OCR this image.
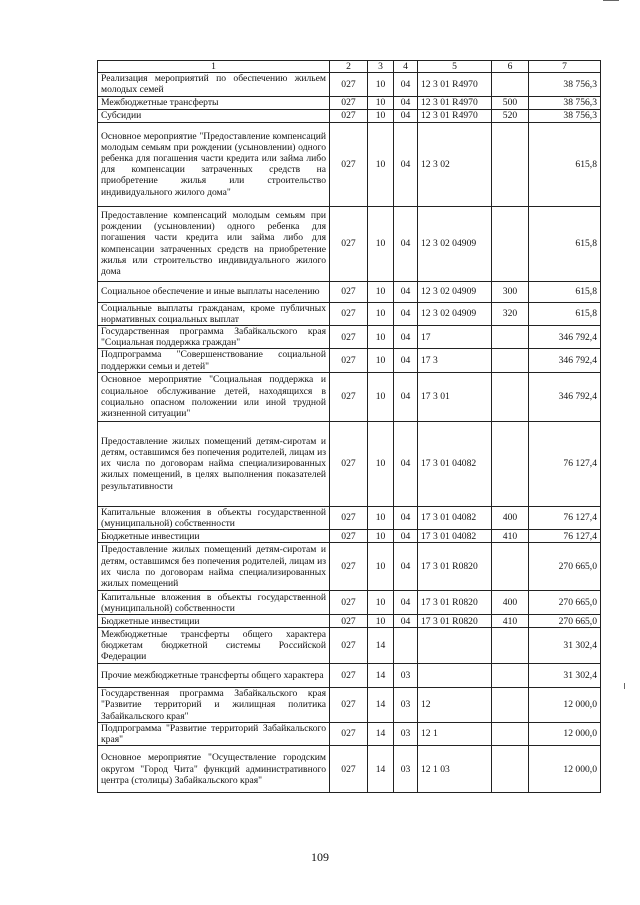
1	2	3	4	5	6	7
Реализация мероприятий по обеспечению жильем молодых семей	027	10	04	12 3 01 R4970		38 756,3
Межбюджетные трансферты	027	10	04	12 3 01 R4970	500	38 756,3
Субсидии	027	10	04	12 3 01 R4970	520	38 756,3
Основное мероприятие "Предоставление компенсаций молодым семьям при рождении (усыновлении) одного ребенка для погашения части кредита или займа либо для компенсации затраченных средств на приобретение жилья или строительство индивидуального жилого дома"	027	10	04	12 3 02		615,8
Предоставление компенсаций молодым семьям при рождении (усыновлении) одного ребенка для погашения части кредита или займа либо для компенсации затраченных средств на приобретение жилья или строительство индивидуального жилого дома	027	10	04	12 3 02 04909		615,8
Социальное обеспечение и иные выплаты населению	027	10	04	12 3 02 04909	300	615,8
Социальные выплаты гражданам, кроме публичных нормативных социальных выплат	027	10	04	12 3 02 04909	320	615,8
Государственная программа Забайкальского края "Социальная поддержка граждан"	027	10	04	17		346 792,4
Подпрограмма "Совершенствование социальной поддержки семьи и детей"	027	10	04	17 3		346 792,4
Основное мероприятие "Социальная поддержка и социальное обслуживание детей, находящихся в социально опасном положении или иной трудной жизненной ситуации"	027	10	04	17 3 01		346 792,4
Предоставление жилых помещений детям-сиротам и детям, оставшимся без попечения родителей, лицам из их числа по договорам найма специализированных жилых помещений, в целях выполнения показателей результативности	027	10	04	17 3 01 04082		76 127,4
Капитальные вложения в объекты государственной (муниципальной) собственности	027	10	04	17 3 01 04082	400	76 127,4
Бюджетные инвестиции	027	10	04	17 3 01 04082	410	76 127,4
Предоставление жилых помещений детям-сиротам и детям, оставшимся без попечения родителей, лицам из их числа по договорам найма специализированных жилых помещений	027	10	04	17 3 01 R0820		270 665,0
Капитальные вложения в объекты государственной (муниципальной) собственности	027	10	04	17 3 01 R0820	400	270 665,0
Бюджетные инвестиции	027	10	04	17 3 01 R0820	410	270 665,0
Межбюджетные трансферты общего характера бюджетам бюджетной системы Российской Федерации	027	14				31 302,4
Прочие межбюджетные трансферты общего характера	027	14	03			31 302,4
Государственная программа Забайкальского края "Развитие территорий и жилищная политика Забайкальского края"	027	14	03	12		12 000,0
Подпрограмма "Развитие территорий Забайкальского края"	027	14	03	12 1		12 000,0
Основное мероприятие "Осуществление городским округом "Город Чита" функций административного центра (столицы) Забайкальского края"	027	14	03	12 1 03		12 000,0
109
